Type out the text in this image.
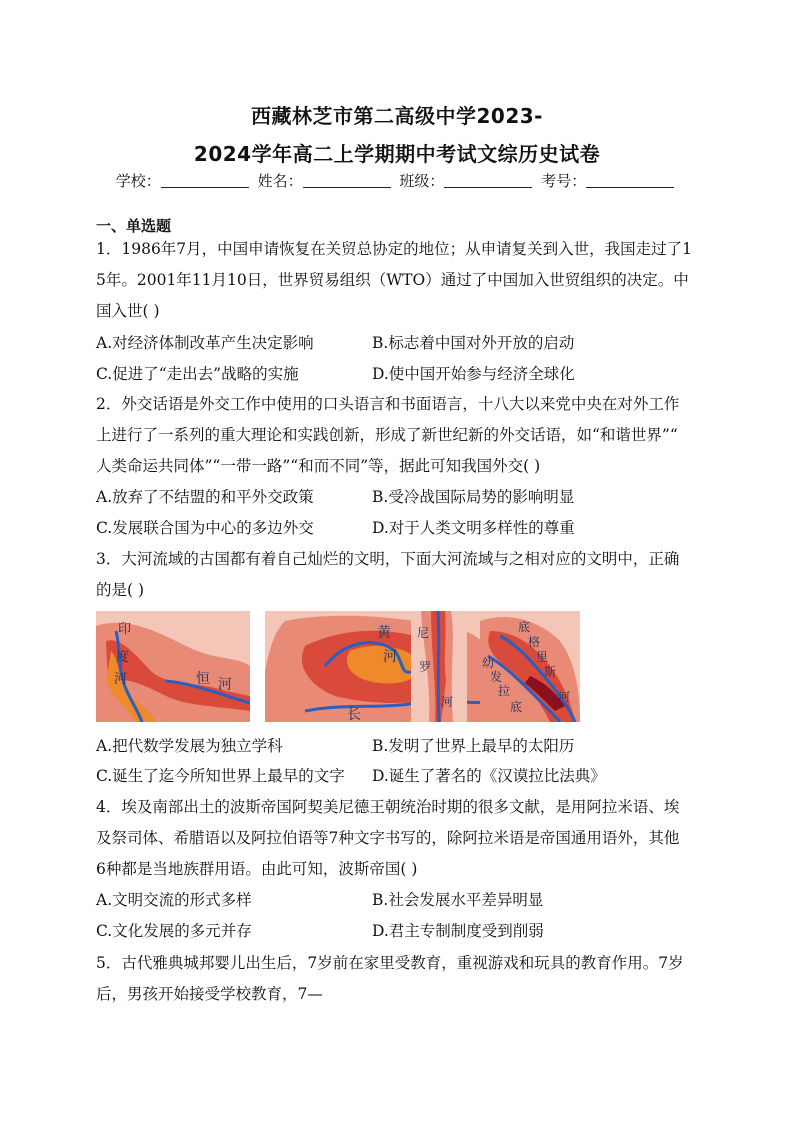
西藏林芝市第二高级中学2023-
2024学年高二上学期期中考试文综历史试卷
学校：	姓名：	班级：	考号：
一、单选题
1．1986年7月，中国申请恢复在关贸总协定的地位；从申请复关到入世，我国走过了1
5年。2001年11月10日，世界贸易组织（WTO）通过了中国加入世贸组织的决定。中
国入世( )
A.对经济体制改革产生决定影响	B.标志着中国对外开放的启动
C.促进了“走出去”战略的实施	D.使中国开始参与经济全球化
2．外交话语是外交工作中使用的口头语言和书面语言，十八大以来党中央在对外工作
上进行了一系列的重大理论和实践创新，形成了新世纪新的外交话语，如“和谐世界”“
人类命运共同体”“一带一路”“和而不同”等，据此可知我国外交( )
A.放弃了不结盟的和平外交政策	B.受冷战国际局势的影响明显
C.发展联合国为中心的多边外交	D.对于人类文明多样性的尊重
3．大河流域的古国都有着自己灿烂的文明，下面大河流域与之相对应的文明中，正确
的是( )
印
度
河	恒 河
黄
河
长
尼
罗
河
底
格
里
斯
幼
发
拉
底
河
A.把代数学发展为独立学科	B.发明了世界上最早的太阳历
C.诞生了迄今所知世界上最早的文字 D.诞生了著名的《汉谟拉比法典》
4．埃及南部出土的波斯帝国阿契美尼德王朝统治时期的很多文献，是用阿拉米语、埃
及祭司体、希腊语以及阿拉伯语等7种文字书写的，除阿拉米语是帝国通用语外，其他
6种都是当地族群用语。由此可知，波斯帝国( )
A.文明交流的形式多样	B.社会发展水平差异明显
C.文化发展的多元并存	D.君主专制制度受到削弱
5．古代雅典城邦婴儿出生后，7岁前在家里受教育，重视游戏和玩具的教育作用。7岁
后，男孩开始接受学校教育，7—
